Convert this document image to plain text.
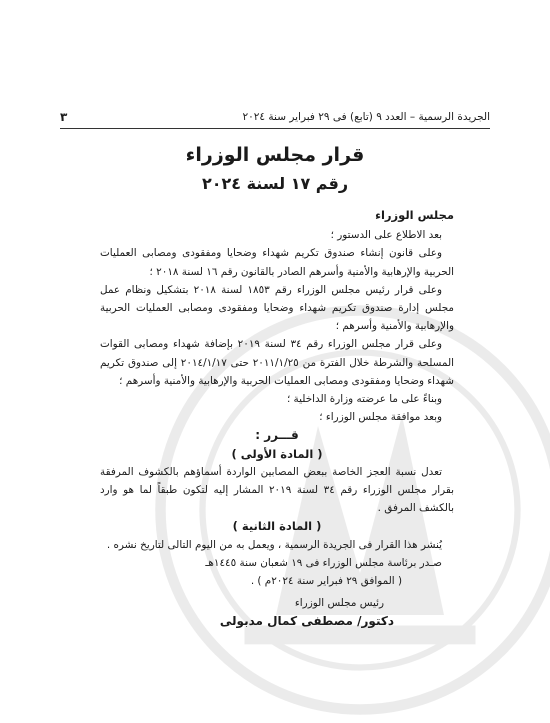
الجريدة الرسمية – العدد ٩ (تابع) فى ٢٩ فبراير سنة ٢٠٢٤
٣
قرار مجلس الوزراء
رقم ١٧ لسنة ٢٠٢٤

مجلس الوزراء

بعد الاطلاع على الدستور ؛

وعلى قانون إنشاء صندوق تكريم شهداء وضحايا ومفقودى ومصابى العمليات الحربية والإرهابية والأمنية وأسرهم الصادر بالقانون رقم ١٦ لسنة ٢٠١٨ ؛

وعلى قرار رئيس مجلس الوزراء رقم ١٨٥٣ لسنة ٢٠١٨ بتشكيل ونظام عمل مجلس إدارة صندوق تكريم شهداء وضحايا ومفقودى ومصابى العمليات الحربية والإرهابية والأمنية وأسرهم ؛

وعلى قرار مجلس الوزراء رقم ٣٤ لسنة ٢٠١٩ بإضافة شهداء ومصابى القوات المسلحة والشرطة خلال الفترة من ٢٠١١/١/٢٥ حتى ٢٠١٤/١/١٧ إلى صندوق تكريم شهداء وضحايا ومفقودى ومصابى العمليات الحربية والإرهابية والأمنية وأسرهم ؛

وبناءً على ما عرضته وزارة الداخلية ؛

وبعد موافقة مجلس الوزراء ؛

قـــرر :

( المادة الأولى )

تعدل نسبة العجز الخاصة ببعض المصابين الواردة أسماؤهم بالكشوف المرفقة بقرار مجلس الوزراء رقم ٣٤ لسنة ٢٠١٩ المشار إليه لتكون طبقاً لما هو وارد بالكشف المرفق .

( المادة الثانية )

يُنشر هذا القرار فى الجريدة الرسمية ، ويعمل به من اليوم التالى لتاريخ نشره .

صـدر برئاسة مجلس الوزراء فى ١٩ شعبان سنة ١٤٤٥هـ

( الموافق ٢٩ فبراير سنة ٢٠٢٤م ) .

رئيس مجلس الوزراء

دكتور/ مصطفى كمال مدبولى
